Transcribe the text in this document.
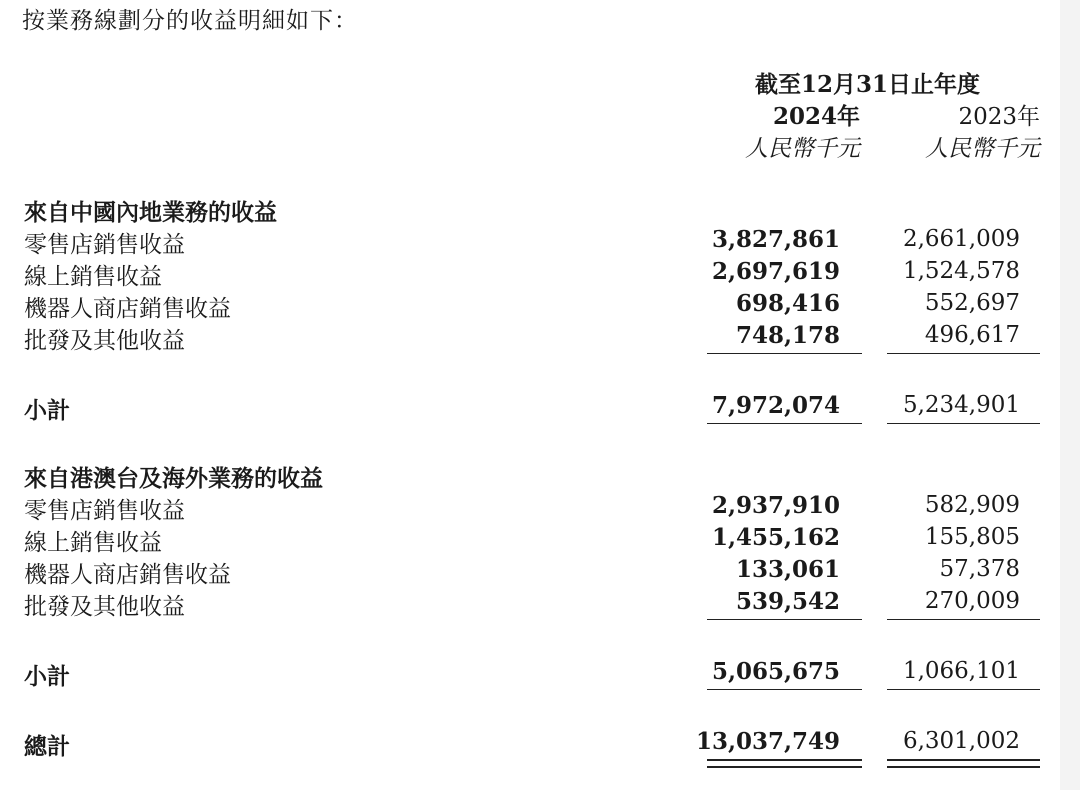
按業務線劃分的收益明細如下：
截至12月31日止年度
2024年	2023年
人民幣千元	人民幣千元
來自中國內地業務的收益
零售店銷售收益	3,827,861	2,661,009
線上銷售收益	2,697,619	1,524,578
機器人商店銷售收益	698,416	552,697
批發及其他收益	748,178	496,617
小計	7,972,074	5,234,901
來自港澳台及海外業務的收益
零售店銷售收益	2,937,910	582,909
線上銷售收益	1,455,162	155,805
機器人商店銷售收益	133,061	57,378
批發及其他收益	539,542	270,009
小計	5,065,675	1,066,101
總計	13,037,749	6,301,002
